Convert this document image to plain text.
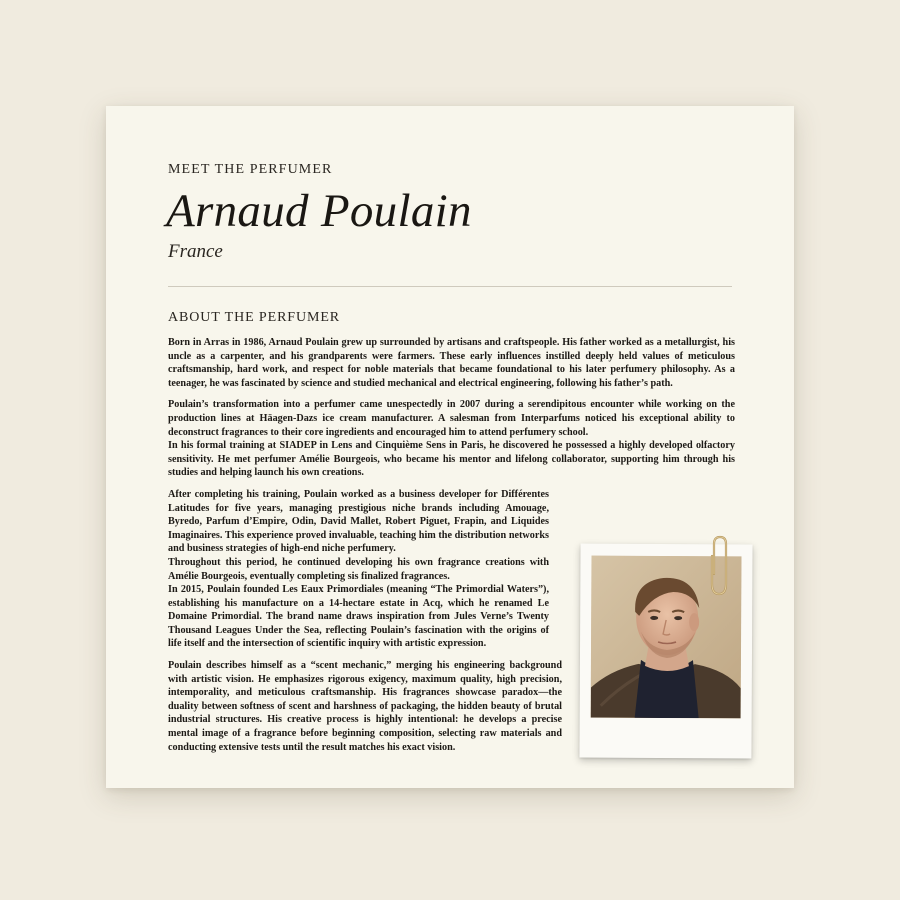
MEET THE PERFUMER
Arnaud Poulain
France
ABOUT THE PERFUMER

Born in Arras in 1986, Arnaud Poulain grew up surrounded by artisans and craftspeople. His father worked as a metallurgist, his uncle as a carpenter, and his grandparents were farmers. These early influences instilled deeply held values of meticulous craftsmanship, hard work, and respect for noble materials that became foundational to his later perfumery philosophy. As a teenager, he was fascinated by science and studied mechanical and electrical engineering, following his father’s path.

Poulain’s transformation into a perfumer came unespectedly in 2007 during a serendipitous encounter while working on the production lines at Häagen-Dazs ice cream manufacturer. A salesman from Interparfums noticed his exceptional ability to deconstruct fragrances to their core ingredients and encouraged him to attend perfumery school.
In his formal training at SIADEP in Lens and Cinquième Sens in Paris, he discovered he possessed a highly developed olfactory sensitivity. He met perfumer Amélie Bourgeois, who became his mentor and lifelong collaborator, supporting him through his studies and helping launch his own creations.

After completing his training, Poulain worked as a business developer for Différentes Latitudes for five years, managing prestigious niche brands including Amouage, Byredo, Parfum d’Empire, Odin, David Mallet, Robert Piguet, Frapin, and Liquides Imaginaires. This experience proved invaluable, teaching him the distribution networks and business strategies of high-end niche perfumery.
Throughout this period, he continued developing his own fragrance creations with Amélie Bourgeois, eventually completing sis finalized fragrances.
In 2015, Poulain founded Les Eaux Primordiales (meaning “The Primordial Waters”), establishing his manufacture on a 14-hectare estate in Acq, which he renamed Le Domaine Primordial. The brand name draws inspiration from Jules Verne’s Twenty Thousand Leagues Under the Sea, reflecting Poulain’s fascination with the origins of life itself and the intersection of scientific inquiry with artistic expression.

Poulain describes himself as a “scent mechanic,” merging his engineering background with artistic vision. He emphasizes rigorous exigency, maximum quality, high precision, intemporality, and meticulous craftsmanship. His fragrances showcase paradox—the duality between softness of scent and harshness of packaging, the hidden beauty of brutal industrial structures. His creative process is highly intentional: he develops a precise mental image of a fragrance before beginning composition, selecting raw materials and conducting extensive tests until the result matches his exact vision.
